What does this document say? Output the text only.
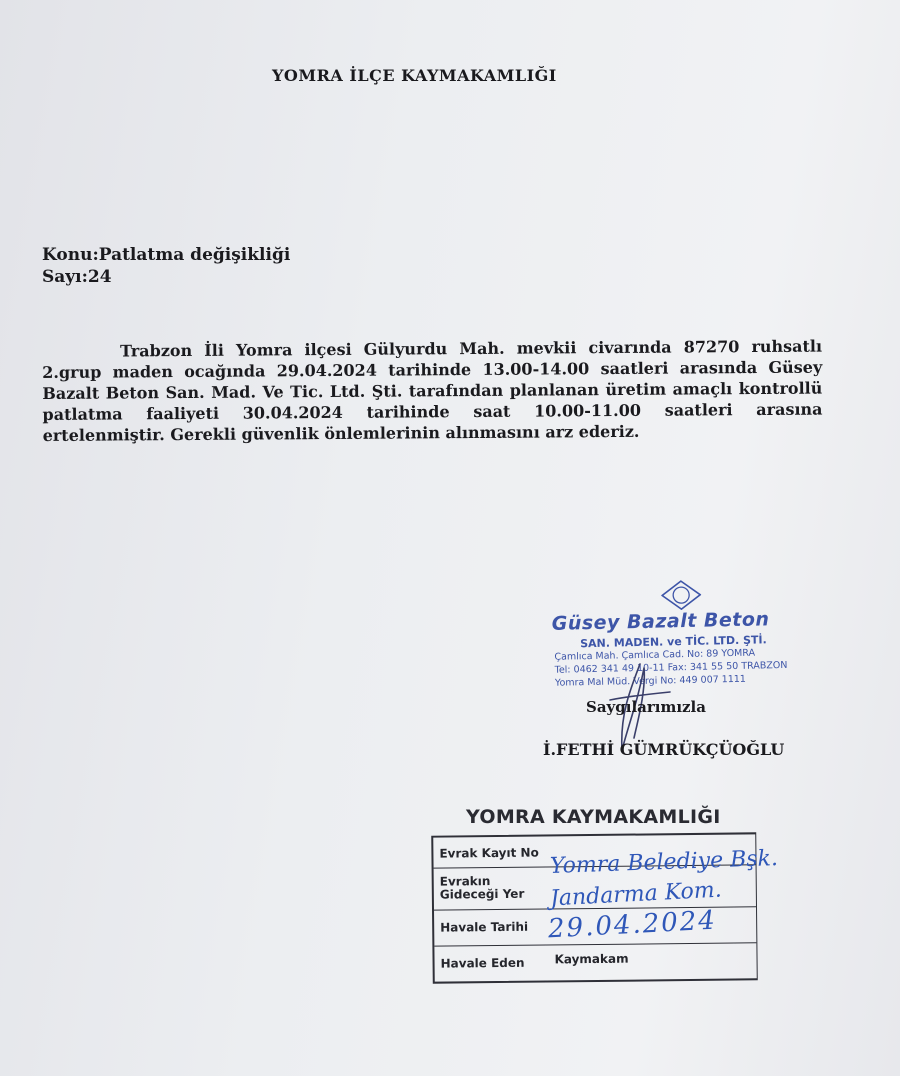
YOMRA İLÇE KAYMAKAMLIĞI
Konu:Patlatma değişikliği
Sayı:24
Trabzon İli Yomra ilçesi Gülyurdu Mah. mevkii civarında 87270 ruhsatlı 2.grup maden ocağında 29.04.2024 tarihinde 13.00-14.00 saatleri arasında Güsey Bazalt Beton San. Mad. Ve Tic. Ltd. Şti. tarafından planlanan üretim amaçlı kontrollü patlatma faaliyeti 30.04.2024 tarihinde saat 10.00-11.00 saatleri arasına ertelenmiştir. Gerekli güvenlik önlemlerinin alınmasını arz ederiz.
Güsey Bazalt Beton
SAN. MADEN. ve TİC. LTD. ŞTİ.
Çamlıca Mah. Çamlıca Cad. No: 89 YOMRA
Tel: 0462 341 49 10-11 Fax: 341 55 50 TRABZON
Yomra Mal Müd. Vergi No: 449 007 1111
Saygılarımızla
İ.FETHİ GÜMRÜKÇÜOĞLU
YOMRA KAYMAKAMLIĞI
Evrak Kayıt No
Evrakın Gideceği Yer
Havale Tarihi
Havale Eden Kaymakam
Yomra Belediye Bşk.
Jandarma Kom.
29.04.2024
